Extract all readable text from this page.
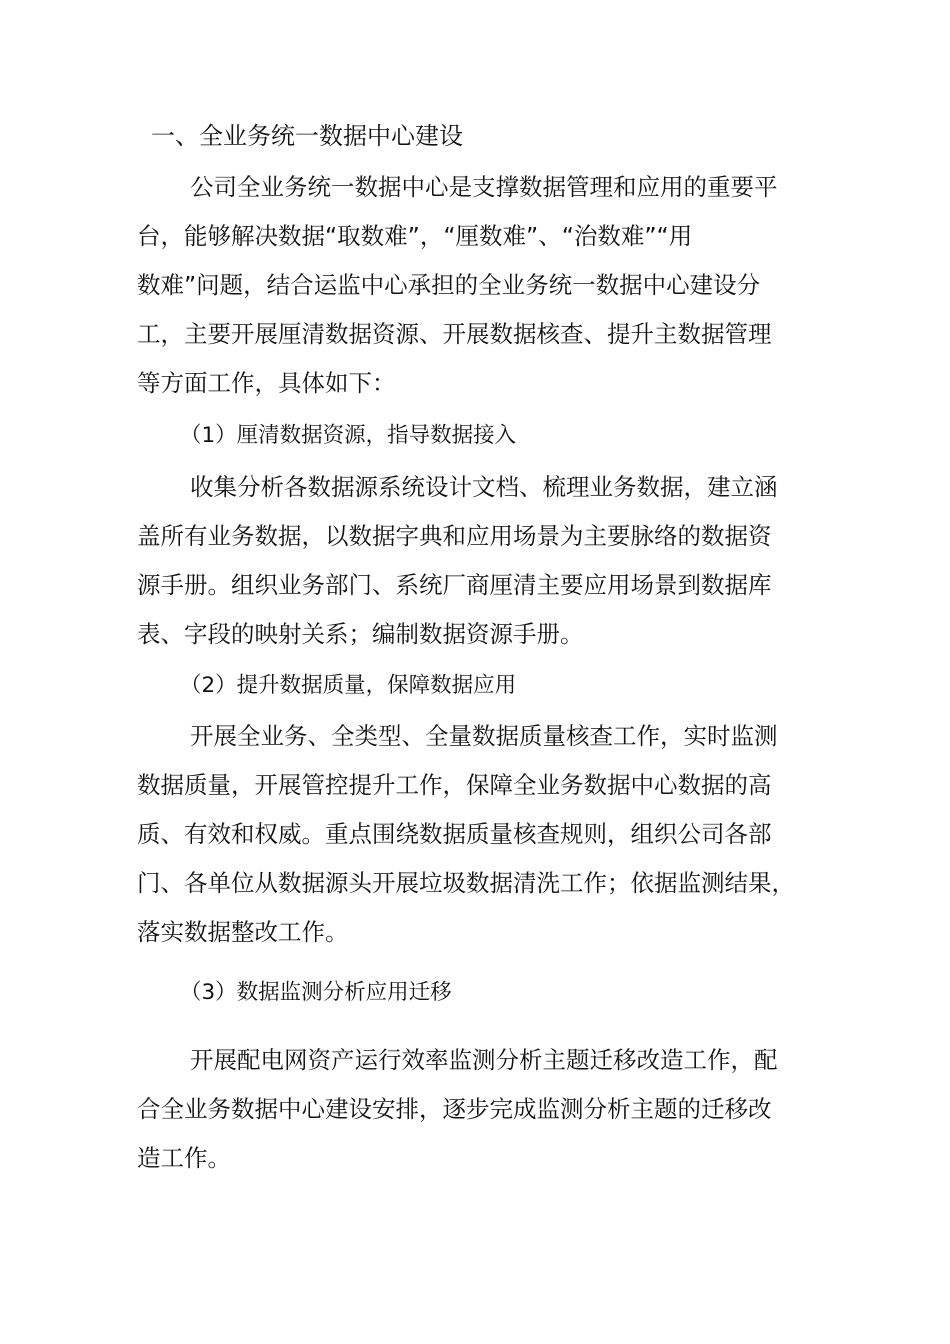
一、全业务统一数据中心建设
公司全业务统一数据中心是支撑数据管理和应用的重要平
台，能够解决数据“取数难”，“厘数难”、“治数难”“用
数难”问题，结合运监中心承担的全业务统一数据中心建设分
工，主要开展厘清数据资源、开展数据核查、提升主数据管理
等方面工作，具体如下：
（1）厘清数据资源，指导数据接入
收集分析各数据源系统设计文档、梳理业务数据，建立涵
盖所有业务数据，以数据字典和应用场景为主要脉络的数据资
源手册。组织业务部门、系统厂商厘清主要应用场景到数据库
表、字段的映射关系；编制数据资源手册。
（2）提升数据质量，保障数据应用
开展全业务、全类型、全量数据质量核查工作，实时监测
数据质量，开展管控提升工作，保障全业务数据中心数据的高
质、有效和权威。重点围绕数据质量核查规则，组织公司各部
门、各单位从数据源头开展垃圾数据清洗工作；依据监测结果，
落实数据整改工作。
（3）数据监测分析应用迁移
开展配电网资产运行效率监测分析主题迁移改造工作，配
合全业务数据中心建设安排，逐步完成监测分析主题的迁移改
造工作。
